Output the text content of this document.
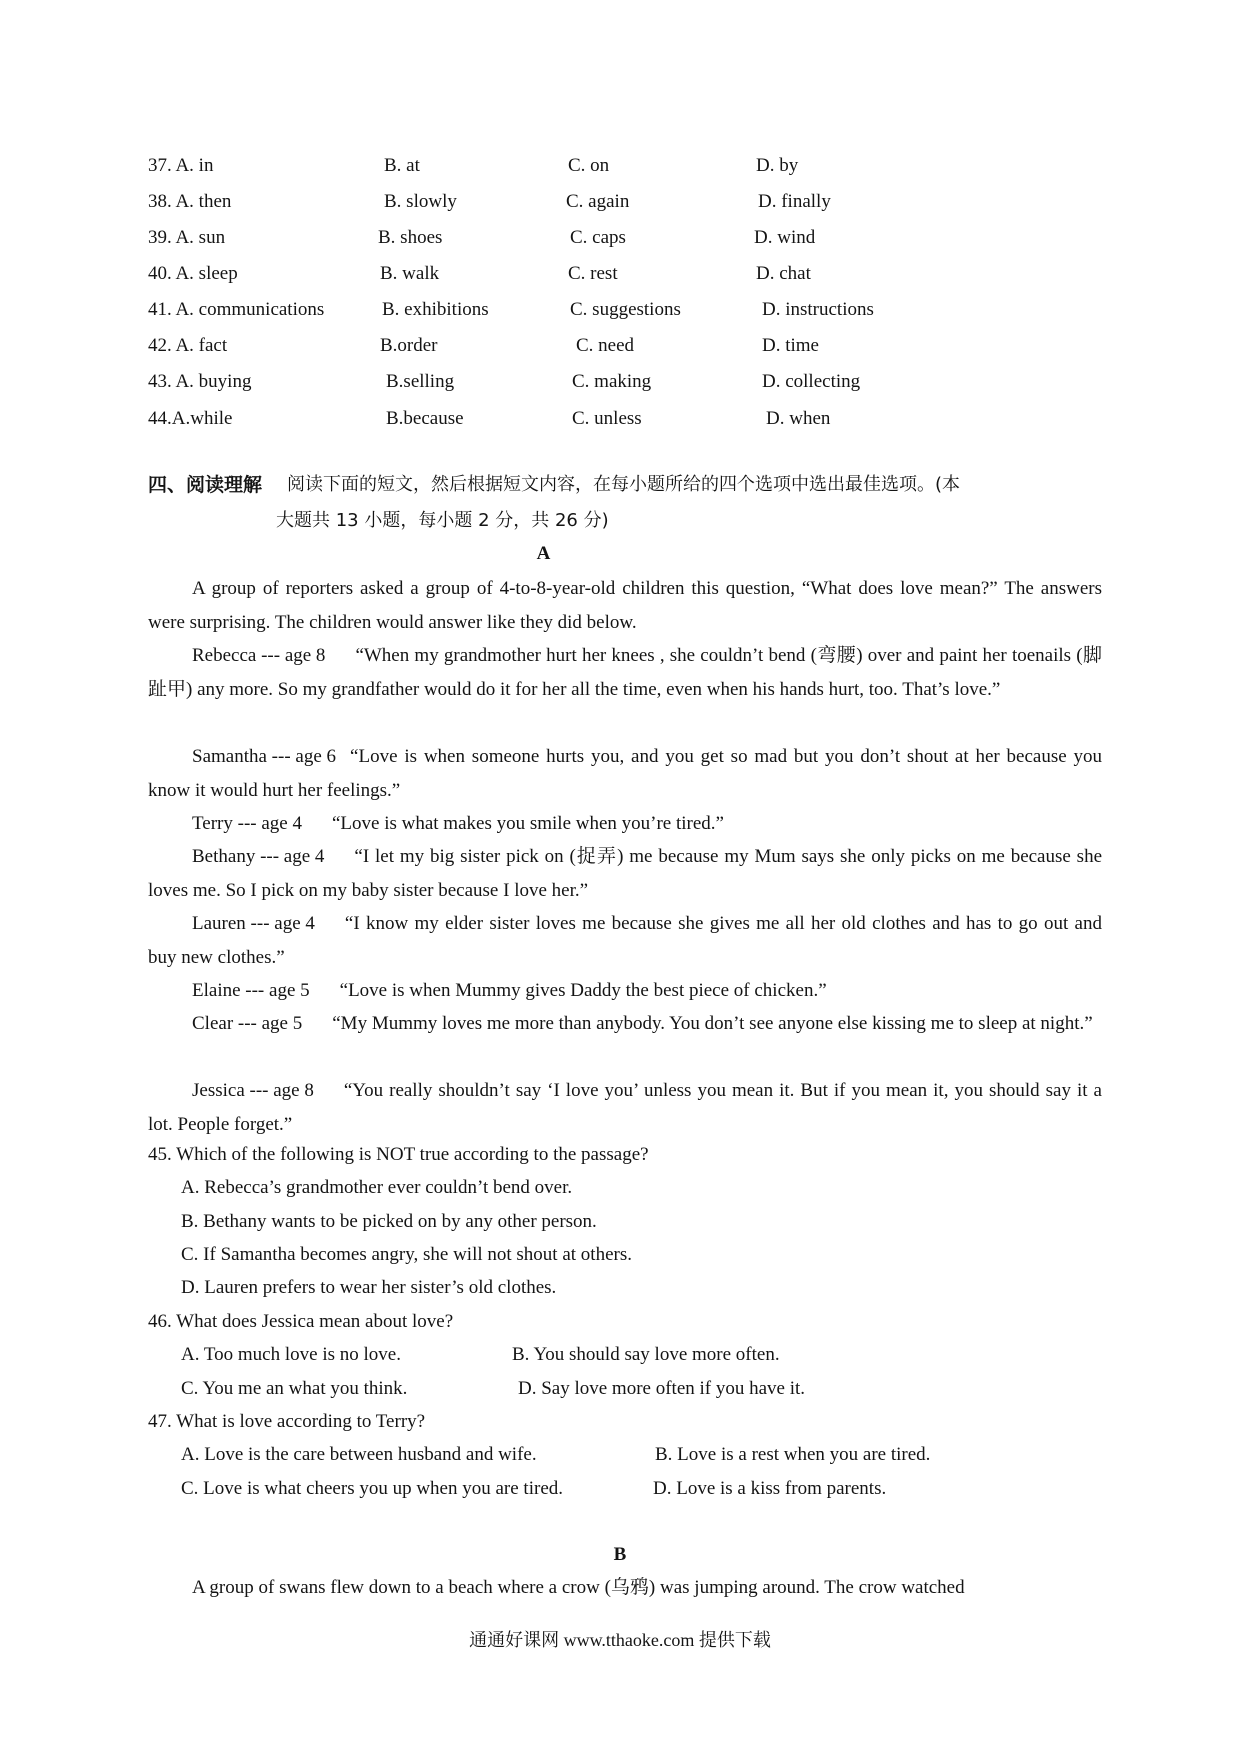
37. A. in	B. at	C. on	D. by
38. A. then	B. slowly	C. again	D. finally
39. A. sun	B. shoes	C. caps	D. wind
40. A. sleep	B. walk	C. rest	D. chat
41. A. communications	B. exhibitions	C. suggestions	D. instructions
42. A. fact	B.order	C. need	D. time
43. A. buying	B.selling	C. making	D. collecting
44.A.while	B.because	C. unless	D. when
四、阅读理解 阅读下面的短文，然后根据短文内容，在每小题所给的四个选项中选出最佳选项。(本
大题共 13 小题，每小题 2 分，共 26 分)
A

A group of reporters asked a group of 4-to-8-year-old children this question, “What does love mean?” The answers were surprising. The children would answer like they did below.

Rebecca --- age 8 “When my grandmother hurt her knees , she couldn’t bend (弯腰) over and paint her toenails (脚趾甲) any more. So my grandfather would do it for her all the time, even when his hands hurt, too. That’s love.”

Samantha --- age 6 “Love is when someone hurts you, and you get so mad but you don’t shout at her because you know it would hurt her feelings.”

Terry --- age 4 “Love is what makes you smile when you’re tired.”

Bethany --- age 4 “I let my big sister pick on (捉弄) me because my Mum says she only picks on me because she loves me. So I pick on my baby sister because I love her.”

Lauren --- age 4 “I know my elder sister loves me because she gives me all her old clothes and has to go out and buy new clothes.”

Elaine --- age 5 “Love is when Mummy gives Daddy the best piece of chicken.”

Clear --- age 5 “My Mummy loves me more than anybody. You don’t see anyone else kissing me to sleep at night.”

Jessica --- age 8 “You really shouldn’t say ‘I love you’ unless you mean it. But if you mean it, you should say it a lot. People forget.”

45. Which of the following is NOT true according to the passage?
A. Rebecca’s grandmother ever couldn’t bend over.
B. Bethany wants to be picked on by any other person.
C. If Samantha becomes angry, she will not shout at others.
D. Lauren prefers to wear her sister’s old clothes.
46. What does Jessica mean about love?
A. Too much love is no love.	B. You should say love more often.
C. You me an what you think.	D. Say love more often if you have it.
47. What is love according to Terry?
A. Love is the care between husband and wife.	B. Love is a rest when you are tired.
C. Love is what cheers you up when you are tired.	D. Love is a kiss from parents.
B
A group of swans flew down to a beach where a crow (乌鸦) was jumping around. The crow watched
通通好课网 www.tthaoke.com 提供下载
